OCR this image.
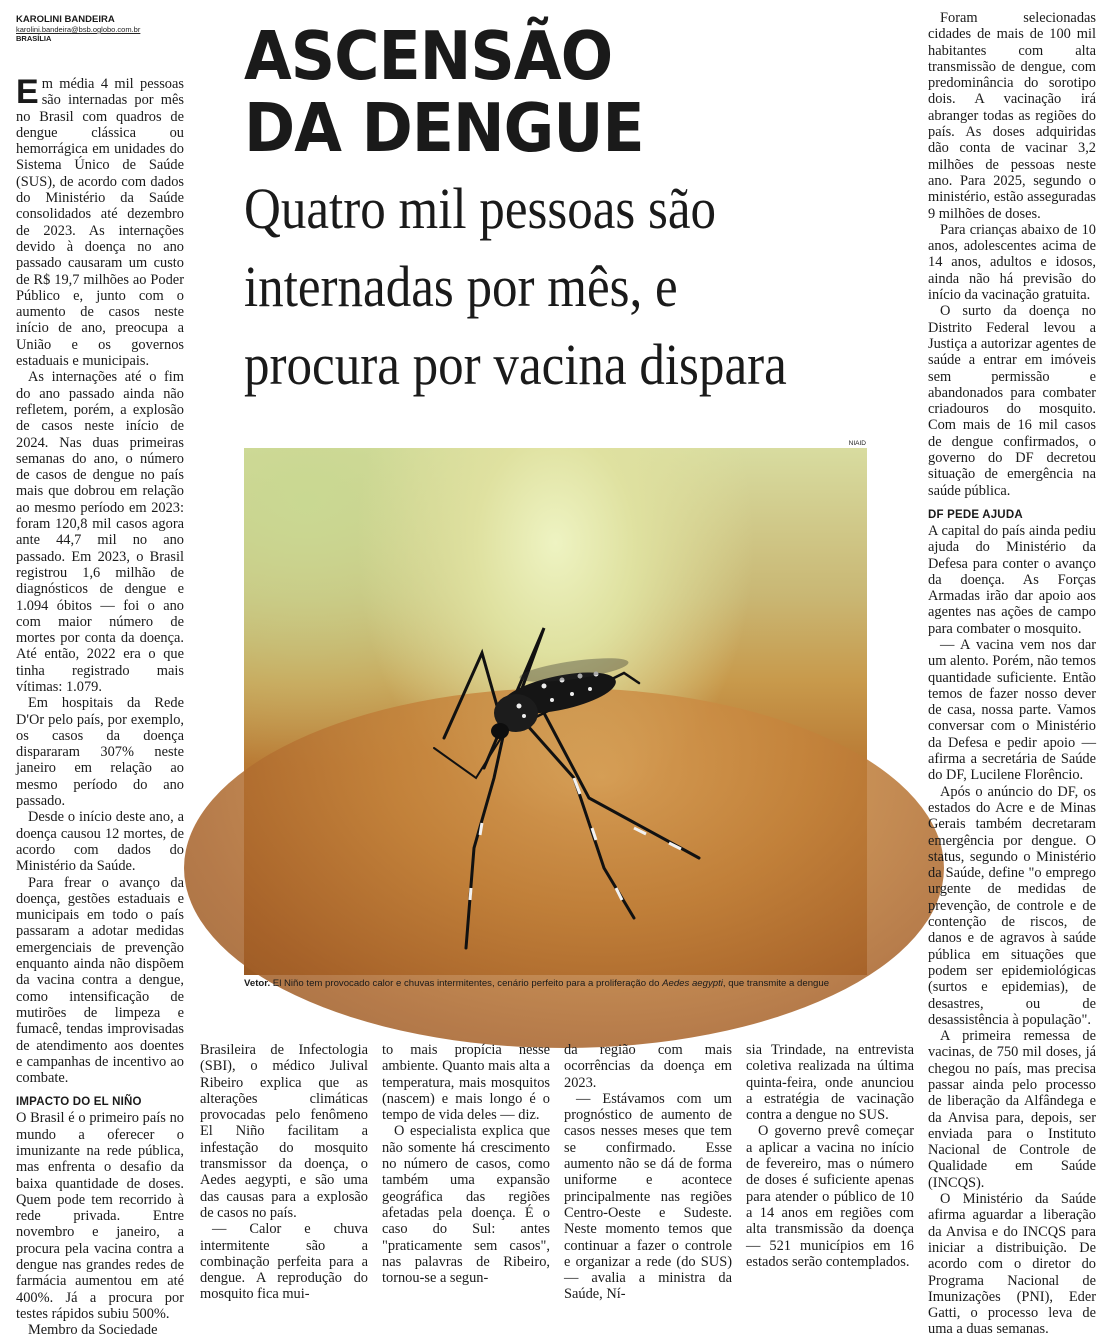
KAROLINI BANDEIRA
karolini.bandeira@bsb.oglobo.com.br
BRASÍLIA	ASCENSÃO
DA DENGUE
Quatro mil pessoas são
internadas por mês, e
procura por vacina dispara

Em média 4 mil pessoas são internadas por mês no Brasil com quadros de dengue clássica ou hemorrágica em unidades do Sistema Único de Saúde (SUS), de acordo com dados do Ministério da Saúde consolidados até dezembro de 2023. As internações devido à doença no ano passado causaram um custo de R$ 19,7 milhões ao Poder Público e, junto com o aumento de casos neste início de ano, preocupa a União e os governos estaduais e municipais.

As internações até o fim do ano passado ainda não refletem, porém, a explosão de casos neste início de 2024. Nas duas primeiras semanas do ano, o número de casos de dengue no país mais que dobrou em relação ao mesmo período em 2023: foram 120,8 mil casos agora ante 44,7 mil no ano passado. Em 2023, o Brasil registrou 1,6 milhão de diagnósticos de dengue e 1.094 óbitos — foi o ano com maior número de mortes por conta da doença. Até então, 2022 era o que tinha registrado mais vítimas: 1.079.

Em hospitais da Rede D'Or pelo país, por exemplo, os casos da doença dispararam 307% neste janeiro em relação ao mesmo período do ano passado.

Desde o início deste ano, a doença causou 12 mortes, de acordo com dados do Ministério da Saúde.

Para frear o avanço da doença, gestões estaduais e municipais em todo o país passaram a adotar medidas emergenciais de prevenção enquanto ainda não dispõem da vacina contra a dengue, como intensificação de mutirões de limpeza e fumacê, tendas improvisadas de atendimento aos doentes e campanhas de incentivo ao combate.

IMPACTO DO EL NIÑO

O Brasil é o primeiro país no mundo a oferecer o imunizante na rede pública, mas enfrenta o desafio da baixa quantidade de doses. Quem pode tem recorrido à rede privada. Entre novembro e janeiro, a procura pela vacina contra a dengue nas grandes redes de farmácia aumentou em até 400%. Já a procura por testes rápidos subiu 500%.

Membro da Sociedade

NIAID
Vetor. El Niño tem provocado calor e chuvas intermitentes, cenário perfeito para a proliferação do Aedes aegypti, que transmite a dengue

Brasileira de Infectologia (SBI), o médico Julival Ribeiro explica que as alterações climáticas provocadas pelo fenômeno El Niño facilitam a infestação do mosquito transmissor da doença, o Aedes aegypti, e são uma das causas para a explosão de casos no país.

— Calor e chuva intermitente são a combinação perfeita para a dengue. A reprodução do mosquito fica mui-

to mais propícia nesse ambiente. Quanto mais alta a temperatura, mais mosquitos (nascem) e mais longo é o tempo de vida deles — diz.

O especialista explica que não somente há crescimento no número de casos, como também uma expansão geográfica das regiões afetadas pela doença. É o caso do Sul: antes "praticamente sem casos", nas palavras de Ribeiro, tornou-se a segun-

da região com mais ocorrências da doença em 2023.

— Estávamos com um prognóstico de aumento de casos nesses meses que tem se confirmado. Esse aumento não se dá de forma uniforme e acontece principalmente nas regiões Centro-Oeste e Sudeste. Neste momento temos que continuar a fazer o controle e organizar a rede (do SUS) — avalia a ministra da Saúde, Ní-

sia Trindade, na entrevista coletiva realizada na última quinta-feira, onde anunciou a estratégia de vacinação contra a dengue no SUS.

O governo prevê começar a aplicar a vacina no início de fevereiro, mas o número de doses é suficiente apenas para atender o público de 10 a 14 anos em regiões com alta transmissão da doença — 521 municípios em 16 estados serão contemplados.

Foram selecionadas cidades de mais de 100 mil habitantes com alta transmissão de dengue, com predominância do sorotipo dois. A vacinação irá abranger todas as regiões do país. As doses adquiridas dão conta de vacinar 3,2 milhões de pessoas neste ano. Para 2025, segundo o ministério, estão asseguradas 9 milhões de doses.

Para crianças abaixo de 10 anos, adolescentes acima de 14 anos, adultos e idosos, ainda não há previsão do início da vacinação gratuita.

O surto da doença no Distrito Federal levou a Justiça a autorizar agentes de saúde a entrar em imóveis sem permissão e abandonados para combater criadouros do mosquito. Com mais de 16 mil casos de dengue confirmados, o governo do DF decretou situação de emergência na saúde pública.

DF PEDE AJUDA

A capital do país ainda pediu ajuda do Ministério da Defesa para conter o avanço da doença. As Forças Armadas irão dar apoio aos agentes nas ações de campo para combater o mosquito.

— A vacina vem nos dar um alento. Porém, não temos quantidade suficiente. Então temos de fazer nosso dever de casa, nossa parte. Vamos conversar com o Ministério da Defesa e pedir apoio — afirma a secretária de Saúde do DF, Lucilene Florêncio.

Após o anúncio do DF, os estados do Acre e de Minas Gerais também decretaram emergência por dengue. O status, segundo o Ministério da Saúde, define "o emprego urgente de medidas de prevenção, de controle e de contenção de riscos, de danos e de agravos à saúde pública em situações que podem ser epidemiológicas (surtos e epidemias), de desastres, ou de desassistência à população".

A primeira remessa de vacinas, de 750 mil doses, já chegou no país, mas precisa passar ainda pelo processo de liberação da Alfândega e da Anvisa para, depois, ser enviada para o Instituto Nacional de Controle de Qualidade em Saúde (INCQS).

O Ministério da Saúde afirma aguardar a liberação da Anvisa e do INCQS para iniciar a distribuição. De acordo com o diretor do Programa Nacional de Imunizações (PNI), Eder Gatti, o processo leva de uma a duas semanas.
